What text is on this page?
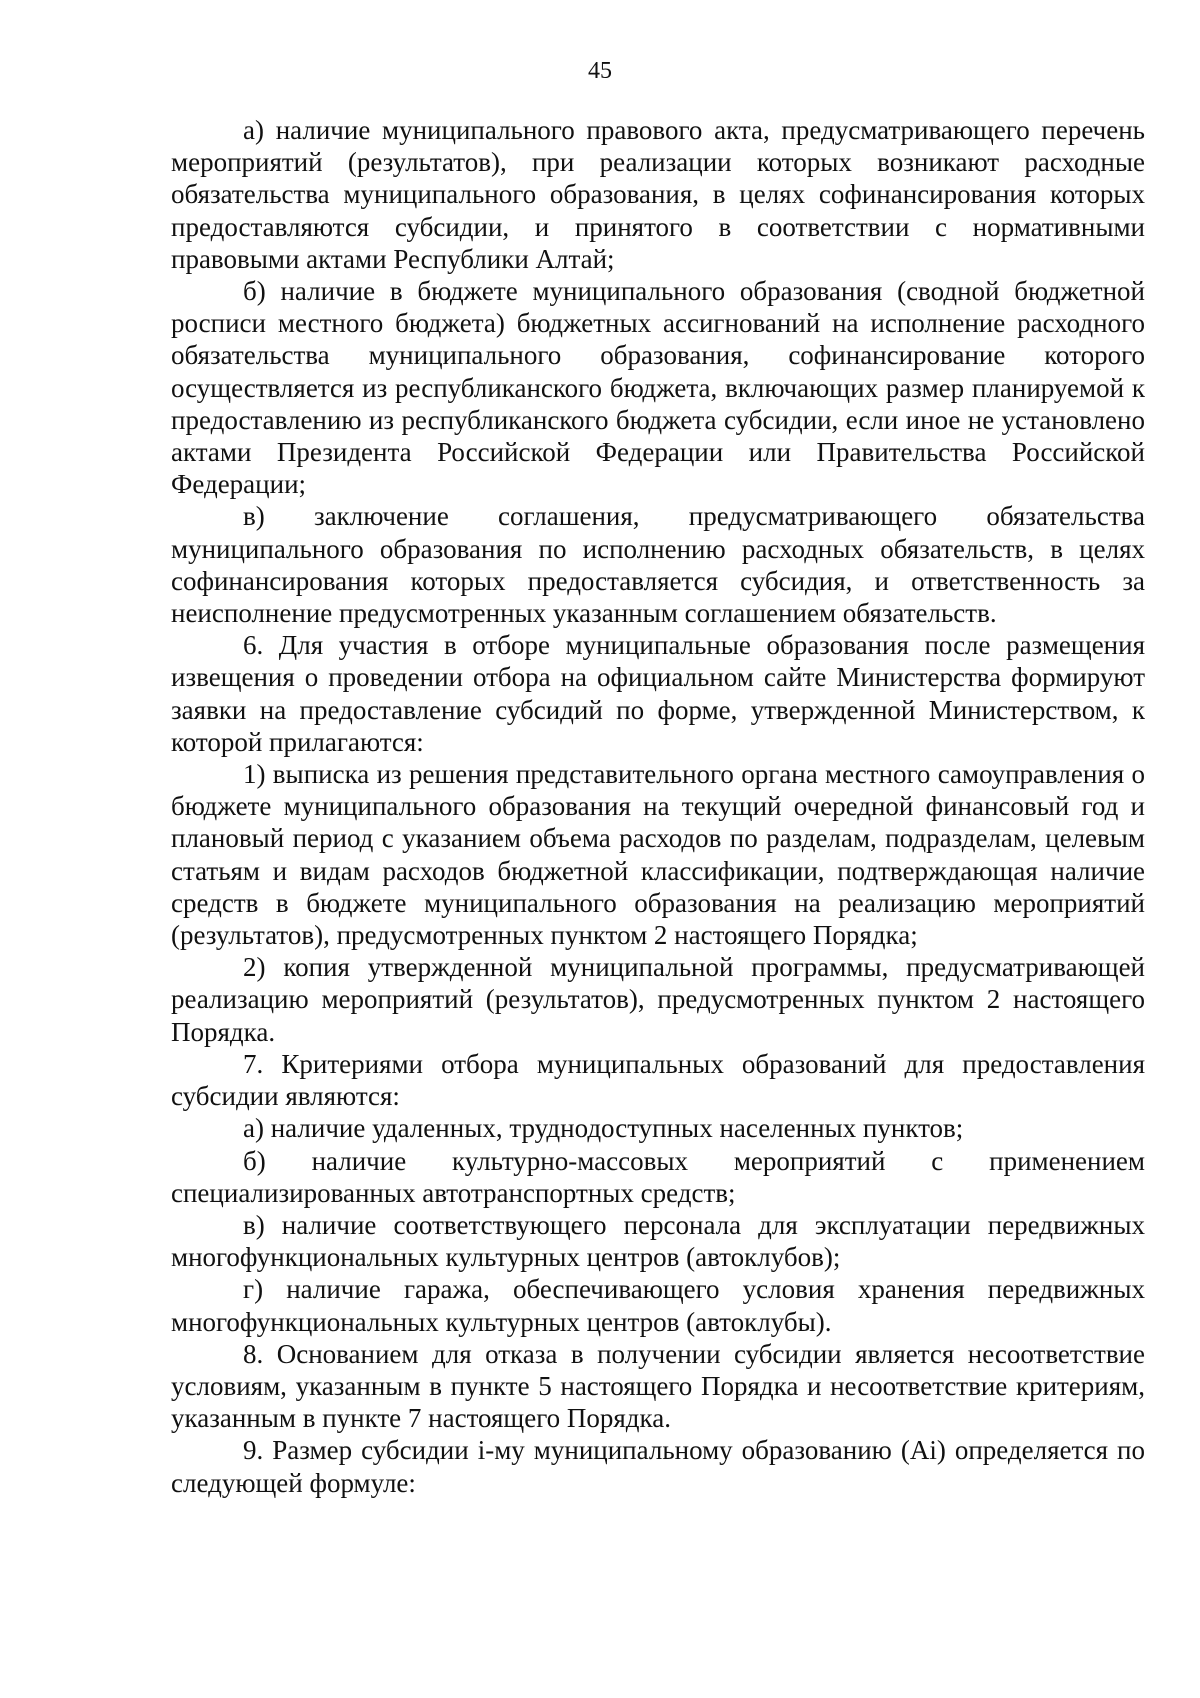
45

а) наличие муниципального правового акта, предусматривающего перечень мероприятий (результатов), при реализации которых возникают расходные обязательства муниципального образования, в целях софинансирования которых предоставляются субсидии, и принятого в соответствии с нормативными правовыми актами Республики Алтай;

б) наличие в бюджете муниципального образования (сводной бюджетной росписи местного бюджета) бюджетных ассигнований на исполнение расходного обязательства муниципального образования, софинансирование которого осуществляется из республиканского бюджета, включающих размер планируемой к предоставлению из республиканского бюджета субсидии, если иное не установлено актами Президента Российской Федерации или Правительства Российской Федерации;

в) заключение соглашения, предусматривающего обязательства муниципального образования по исполнению расходных обязательств, в целях софинансирования которых предоставляется субсидия, и ответственность за неисполнение предусмотренных указанным соглашением обязательств.

6. Для участия в отборе муниципальные образования после размещения извещения о проведении отбора на официальном сайте Министерства формируют заявки на предоставление субсидий по форме, утвержденной Министерством, к которой прилагаются:

1) выписка из решения представительного органа местного самоуправления о бюджете муниципального образования на текущий очередной финансовый год и плановый период с указанием объема расходов по разделам, подразделам, целевым статьям и видам расходов бюджетной классификации, подтверждающая наличие средств в бюджете муниципального образования на реализацию мероприятий (результатов), предусмотренных пунктом 2 настоящего Порядка;

2) копия утвержденной муниципальной программы, предусматривающей реализацию мероприятий (результатов), предусмотренных пунктом 2 настоящего Порядка.

7. Критериями отбора муниципальных образований для предоставления субсидии являются:

а) наличие удаленных, труднодоступных населенных пунктов;

б) наличие культурно-массовых мероприятий с применением специализированных автотранспортных средств;

в) наличие соответствующего персонала для эксплуатации передвижных многофункциональных культурных центров (автоклубов);

г) наличие гаража, обеспечивающего условия хранения передвижных многофункциональных культурных центров (автоклубы).

8. Основанием для отказа в получении субсидии является несоответствие условиям, указанным в пункте 5 настоящего Порядка и несоответствие критериям, указанным в пункте 7 настоящего Порядка.

9. Размер субсидии i-му муниципальному образованию (Ai) определяется по следующей формуле:
